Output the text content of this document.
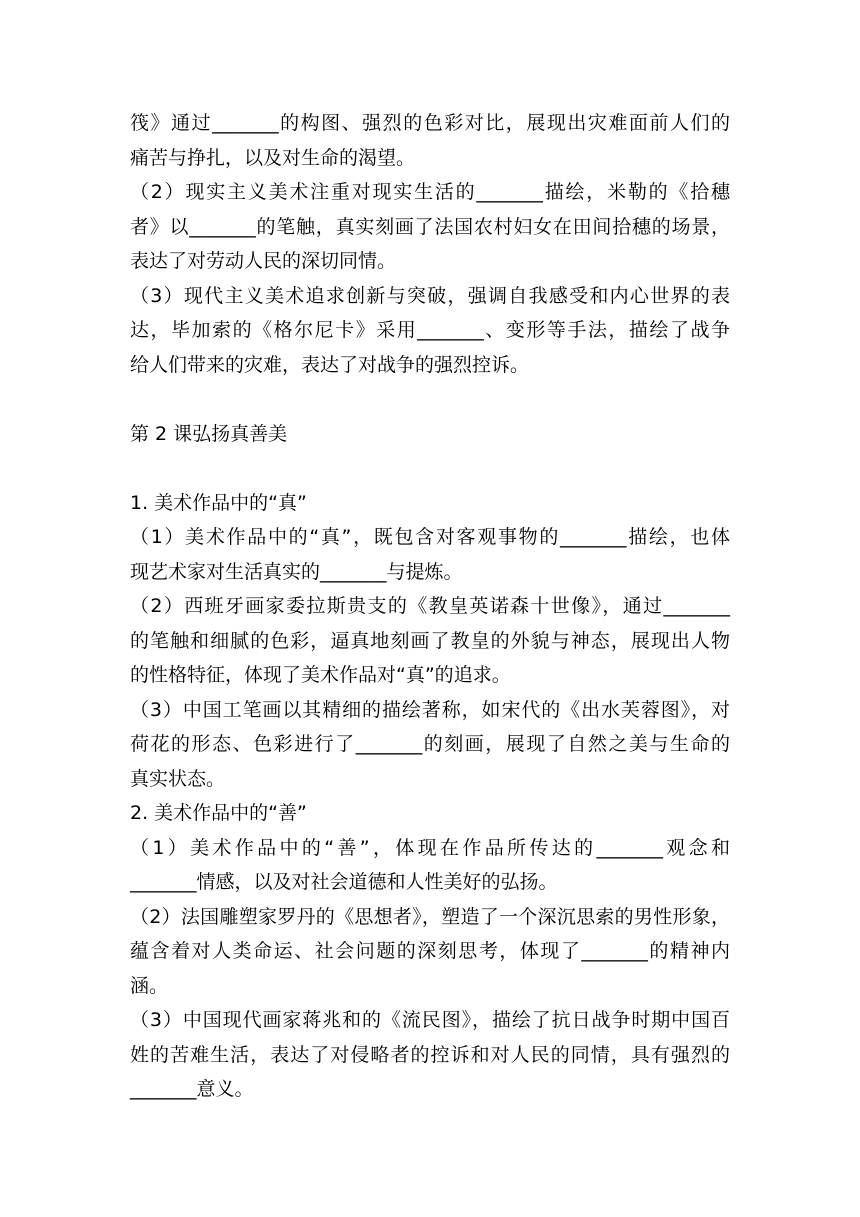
筏》通过_______的构图、强烈的色彩对比，展现出灾难面前人们的
痛苦与挣扎，以及对生命的渴望。
（2）现实主义美术注重对现实生活的_______描绘，米勒的《拾穗
者》以_______的笔触，真实刻画了法国农村妇女在田间拾穗的场景，
表达了对劳动人民的深切同情。
（3）现代主义美术追求创新与突破，强调自我感受和内心世界的表
达，毕加索的《格尔尼卡》采用_______、变形等手法，描绘了战争
给人们带来的灾难，表达了对战争的强烈控诉。
第 2 课弘扬真善美
1. 美术作品中的“真”
（1）美术作品中的“真”，既包含对客观事物的_______描绘，也体
现艺术家对生活真实的_______与提炼。
（2）西班牙画家委拉斯贵支的《教皇英诺森十世像》，通过_______
的笔触和细腻的色彩，逼真地刻画了教皇的外貌与神态，展现出人物
的性格特征，体现了美术作品对“真”的追求。
（3）中国工笔画以其精细的描绘著称，如宋代的《出水芙蓉图》，对
荷花的形态、色彩进行了_______的刻画，展现了自然之美与生命的
真实状态。
2. 美术作品中的“善”
（1）美术作品中的“善”，体现在作品所传达的_______观念和
_______情感，以及对社会道德和人性美好的弘扬。
（2）法国雕塑家罗丹的《思想者》，塑造了一个深沉思索的男性形象，
蕴含着对人类命运、社会问题的深刻思考，体现了_______的精神内
涵。
（3）中国现代画家蒋兆和的《流民图》，描绘了抗日战争时期中国百
姓的苦难生活，表达了对侵略者的控诉和对人民的同情，具有强烈的
_______意义。
